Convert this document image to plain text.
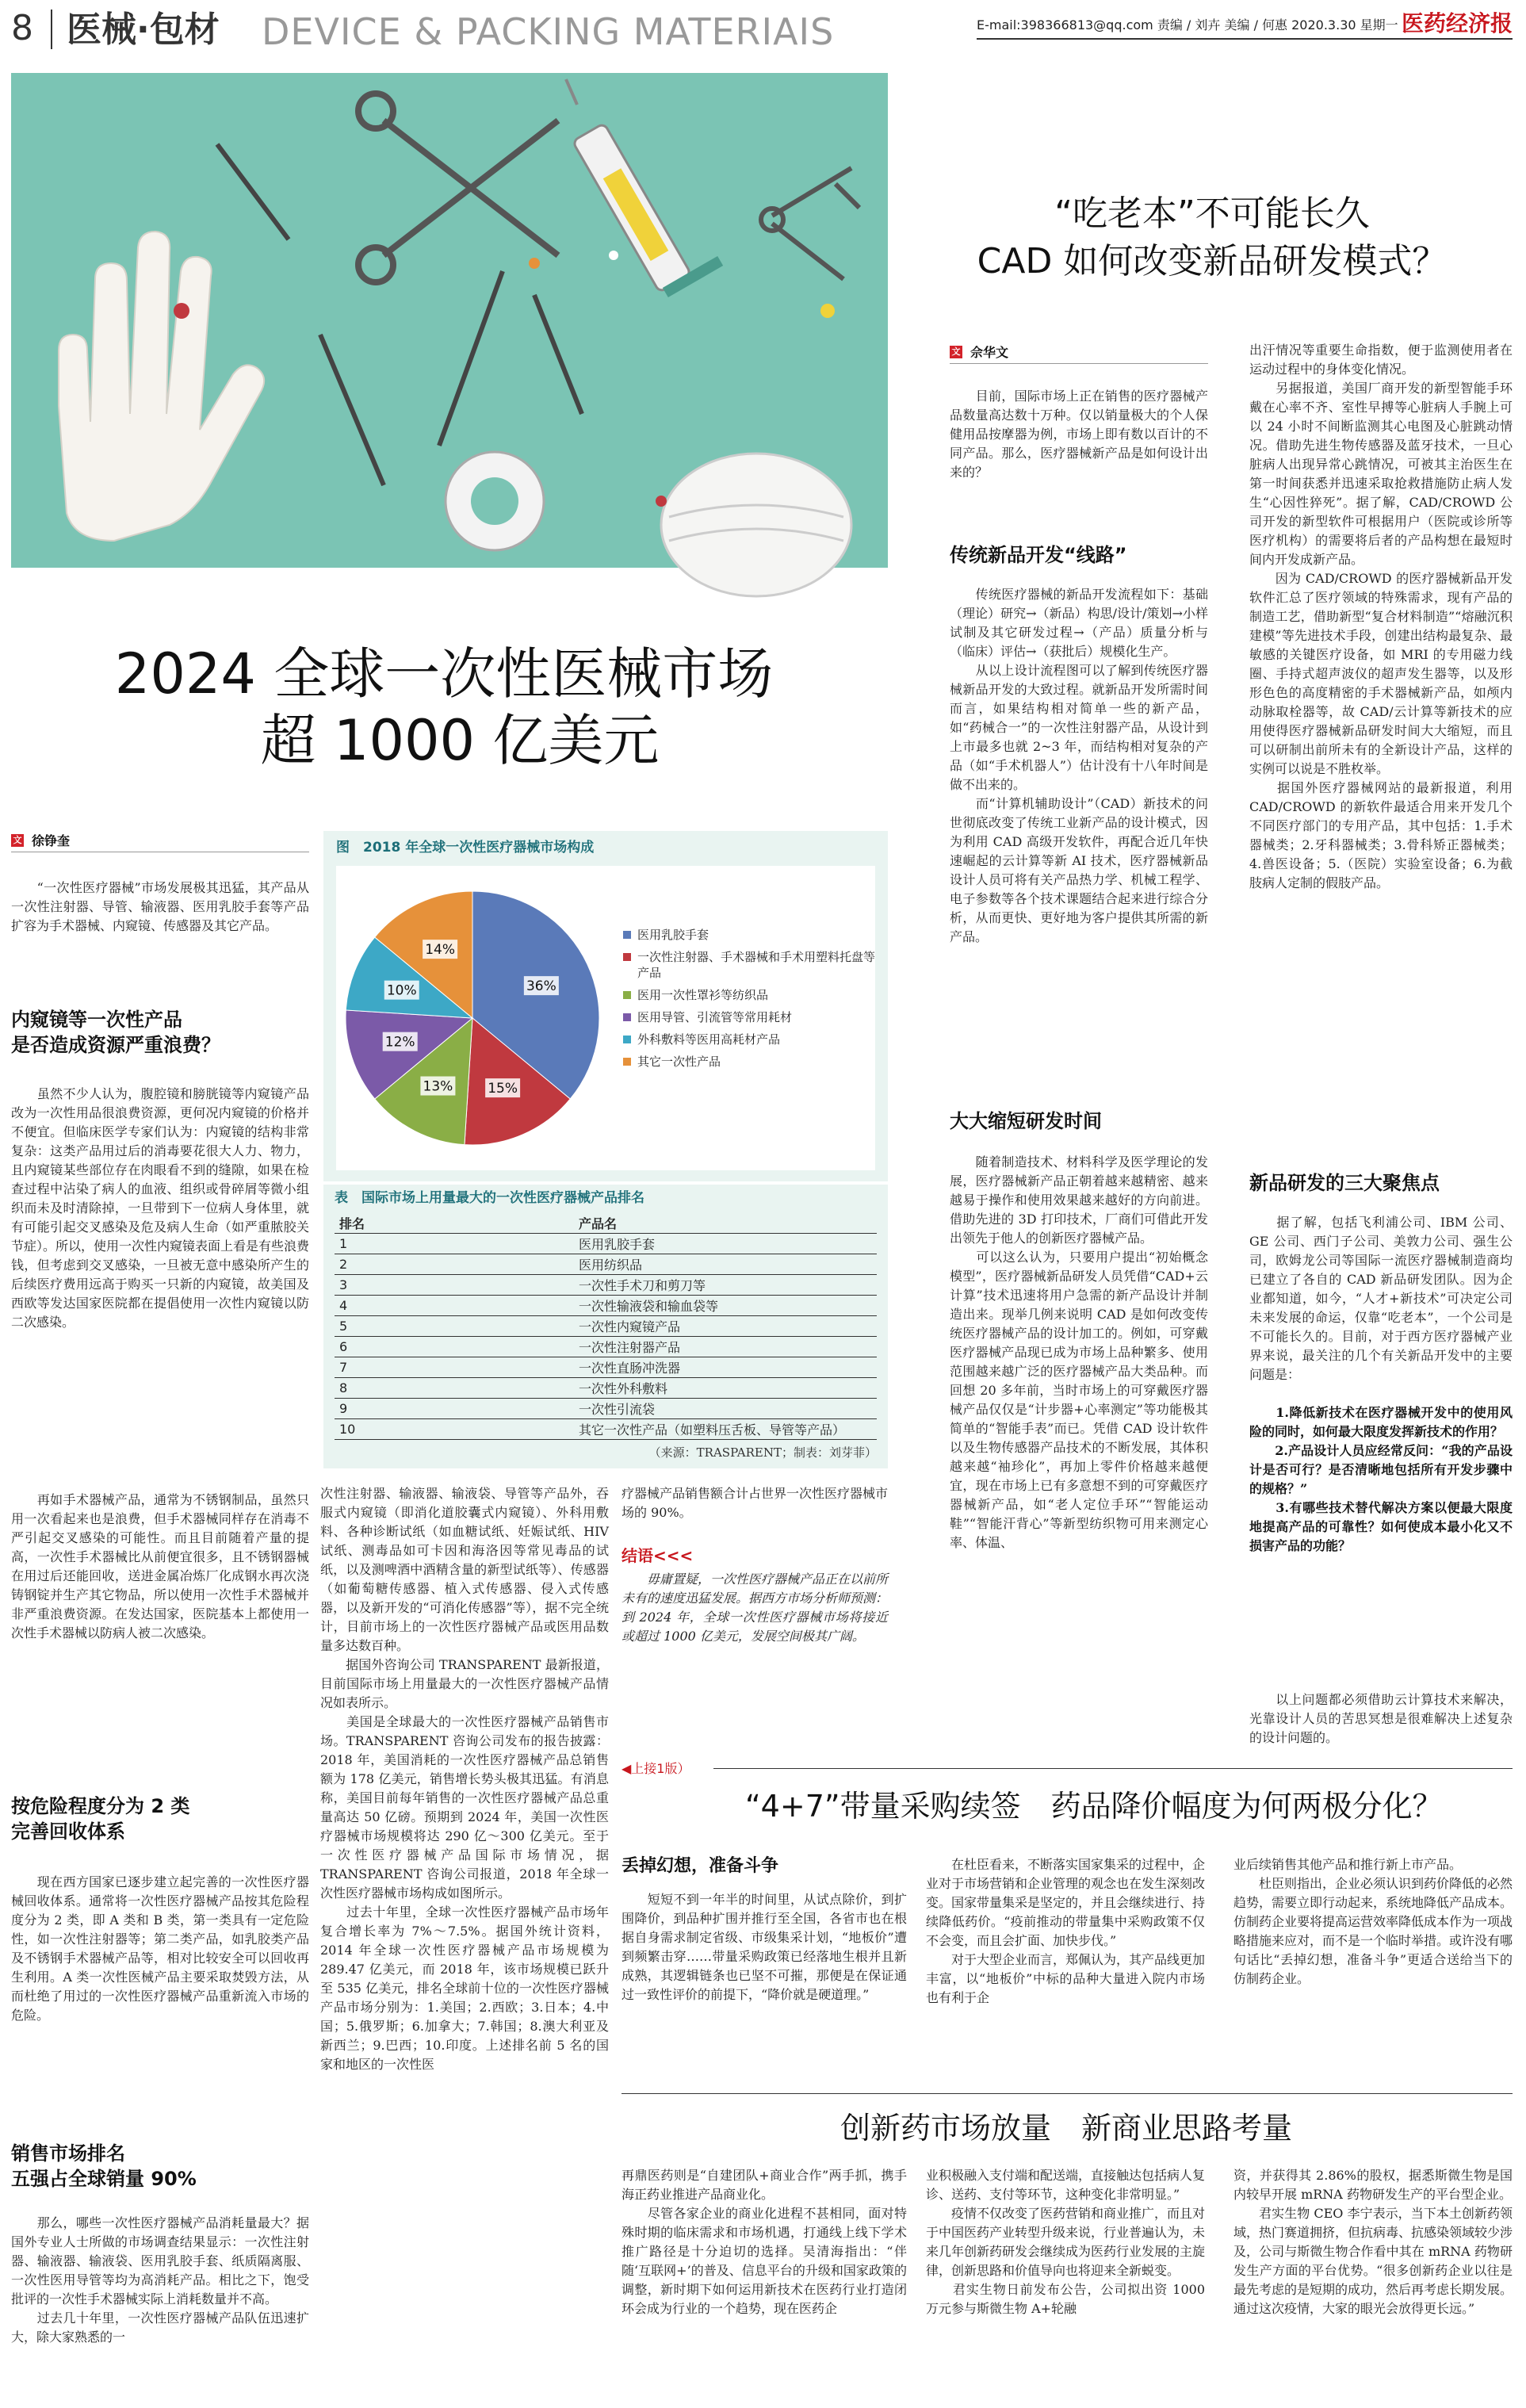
8 医械·包材 DEVICE & PACKING MATERIAIS	E-mail:398366813@qq.com 责编 / 刘卉 美编 / 何惠 2020.3.30 星期一 医药经济报
2024 全球一次性医械市场
超 1000 亿美元
文 徐铮奎
　　“一次性医疗器械”市场发展极其迅猛，其产品从一次性注射器、导管、输液器、医用乳胶手套等产品扩容为手术器械、内窥镜、传感器及其它产品。
内窥镜等一次性产品
是否造成资源严重浪费？
　　虽然不少人认为，腹腔镜和膀胱镜等内窥镜产品改为一次性用品很浪费资源，更何况内窥镜的价格并不便宜。但临床医学专家们认为：内窥镜的结构非常复杂：这类产品用过后的消毒要花很大人力、物力，且内窥镜某些部位存在肉眼看不到的缝隙，如果在检查过程中沾染了病人的血液、组织或骨碎屑等微小组织而未及时清除掉，一旦带到下一位病人身体里，就有可能引起交叉感染及危及病人生命（如严重脓胶关节症）。所以，使用一次性内窥镜表面上看是有些浪费钱，但考虑到交叉感染，一旦被无意中感染所产生的后续医疗费用远高于购买一只新的内窥镜，故美国及西欧等发达国家医院都在提倡使用一次性内窥镜以防二次感染。
　　再如手术器械产品，通常为不锈钢制品，虽然只用一次看起来也是浪费，但手术器械同样存在消毒不严引起交叉感染的可能性。而且目前随着产量的提高，一次性手术器械比从前便宜很多，且不锈钢器械在用过后还能回收，送进金属冶炼厂化成钢水再次浇铸钢锭并生产其它物品，所以使用一次性手术器械并非严重浪费资源。在发达国家，医院基本上都使用一次性手术器械以防病人被二次感染。
按危险程度分为 2 类
完善回收体系
　　现在西方国家已逐步建立起完善的一次性医疗器械回收体系。通常将一次性医疗器械产品按其危险程度分为 2 类，即 A 类和 B 类，第一类具有一定危险性，如一次性注射器等；第二类产品，如乳胶类产品及不锈钢手术器械产品等，相对比较安全可以回收再生利用。A 类一次性医械产品主要采取焚毁方法，从而杜绝了用过的一次性医疗器械产品重新流入市场的危险。
销售市场排名
五强占全球销量 90%
　　那么，哪些一次性医疗器械产品消耗量最大？据国外专业人士所做的市场调查结果显示：一次性注射器、输液器、输液袋、医用乳胶手套、纸质隔离服、一次性医用导管等均为高消耗产品。相比之下，饱受批评的一次性手术器械实际上消耗数量并不高。
　　过去几十年里，一次性医疗器械产品队伍迅速扩大，除大家熟悉的一
图　2018 年全球一次性医疗器械市场构成
36%
15%
13%
12%
10%
14%
医用乳胶手套
一次性注射器、手术器械和手术用塑料托盘等
产品
医用一次性罩衫等纺织品
医用导管、引流管等常用耗材
外科敷料等医用高耗材产品
其它一次性产品
表　国际市场上用量最大的一次性医疗器械产品排名
排名	产品名
1	医用乳胶手套
2	医用纺织品
3	一次性手术刀和剪刀等
4	一次性输液袋和输血袋等
5	一次性内窥镜产品
6	一次性注射器产品
7	一次性直肠冲洗器
8	一次性外科敷料
9	一次性引流袋
10	其它一次性产品（如塑料压舌板、导管等产品）
（来源：TRASPARENT；制表：刘芽菲）
次性注射器、输液器、输液袋、导管等产品外，吞服式内窥镜（即消化道胶囊式内窥镜）、外科用敷料、各种诊断试纸（如血糖试纸、妊娠试纸、HIV 试纸、测毒品如可卡因和海洛因等常见毒品的试纸，以及测啤酒中酒精含量的新型试纸等）、传感器（如葡萄糖传感器、植入式传感器、侵入式传感器，以及新开发的“可消化传感器”等），据不完全统计，目前市场上的一次性医疗器械产品或医用品数量多达数百种。
　　据国外咨询公司 TRANSPARENT 最新报道，目前国际市场上用量最大的一次性医疗器械产品情况如表所示。
　　美国是全球最大的一次性医疗器械产品销售市场。TRANSPARENT 咨询公司发布的报告披露：2018 年，美国消耗的一次性医疗器械产品总销售额为 178 亿美元，销售增长势头极其迅猛。有消息称，美国目前每年销售的一次性医疗器械产品总重量高达 50 亿磅。预期到 2024 年，美国一次性医疗器械市场规模将达 290 亿～300 亿美元。至于一次性医疗器械产品国际市场情况，据 TRANSPARENT 咨询公司报道，2018 年全球一次性医疗器械市场构成如图所示。
　　过去十年里，全球一次性医疗器械产品市场年复合增长率为 7%～7.5%。据国外统计资料，2014 年全球一次性医疗器械产品市场规模为 289.47 亿美元，而 2018 年，该市场规模已跃升至 535 亿美元，排名全球前十位的一次性医疗器械产品市场分别为：1.美国；2.西欧；3.日本；4.中国；5.俄罗斯；6.加拿大；7.韩国；8.澳大利亚及新西兰；9.巴西；10.印度。上述排名前 5 名的国家和地区的一次性医
疗器械产品销售额合计占世界一次性医疗器械市场的 90%。
结语<<<
　　毋庸置疑，一次性医疗器械产品正在以前所未有的速度迅猛发展。据西方市场分析师预测：到 2024 年，全球一次性医疗器械市场将接近或超过 1000 亿美元，发展空间极其广阔。
“吃老本”不可能长久
CAD 如何改变新品研发模式？
文 佘华文
　　目前，国际市场上正在销售的医疗器械产品数量高达数十万种。仅以销量极大的个人保健用品按摩器为例，市场上即有数以百计的不同产品。那么，医疗器械新产品是如何设计出来的？
传统新品开发“线路”
　　传统医疗器械的新品开发流程如下：基础（理论）研究→（新品）构思/设计/策划→小样试制及其它研发过程→（产品）质量分析与（临床）评估→（获批后）规模化生产。
　　从以上设计流程图可以了解到传统医疗器械新品开发的大致过程。就新品开发所需时间而言，如果结构相对简单一些的新产品，如“药械合一”的一次性注射器产品，从设计到上市最多也就 2~3 年，而结构相对复杂的产品（如“手术机器人”）估计没有十八年时间是做不出来的。
　　而“计算机辅助设计”（CAD）新技术的问世彻底改变了传统工业新产品的设计模式，因为利用 CAD 高级开发软件，再配合近几年快速崛起的云计算等新 AI 技术，医疗器械新品设计人员可将有关产品热力学、机械工程学、电子参数等各个技术课题结合起来进行综合分析，从而更快、更好地为客户提供其所需的新产品。
大大缩短研发时间
　　随着制造技术、材料科学及医学理论的发展，医疗器械新产品正朝着越来越精密、越来越易于操作和使用效果越来越好的方向前进。借助先进的 3D 打印技术，厂商们可借此开发出领先于他人的创新医疗器械产品。
　　可以这么认为，只要用户提出“初始概念模型”，医疗器械新品研发人员凭借“CAD+云计算”技术迅速将用户急需的新产品设计并制造出来。现举几例来说明 CAD 是如何改变传统医疗器械产品的设计加工的。例如，可穿戴医疗器械产品现已成为市场上品种繁多、使用范围越来越广泛的医疗器械产品大类品种。而回想 20 多年前，当时市场上的可穿戴医疗器械产品仅仅是“计步器+心率测定”等功能极其简单的“智能手表”而已。凭借 CAD 设计软件以及生物传感器产品技术的不断发展，其体积越来越“袖珍化”，再加上零件价格越来越便宜，现在市场上已有多意想不到的可穿戴医疗器械新产品，如“老人定位手环”“智能运动鞋”“智能汗背心”等新型纺织物可用来测定心率、体温、
出汗情况等重要生命指数，便于监测使用者在运动过程中的身体变化情况。
　　另据报道，美国厂商开发的新型智能手环戴在心率不齐、室性早搏等心脏病人手腕上可以 24 小时不间断监测其心电图及心脏跳动情况。借助先进生物传感器及蓝牙技术，一旦心脏病人出现异常心跳情况，可被其主治医生在第一时间获悉并迅速采取抢救措施防止病人发生“心因性猝死”。据了解，CAD/CROWD 公司开发的新型软件可根据用户（医院或诊所等医疗机构）的需要将后者的产品构想在最短时间内开发成新产品。
　　因为 CAD/CROWD 的医疗器械新品开发软件汇总了医疗领域的特殊需求，现有产品的制造工艺，借助新型“复合材料制造”“熔融沉积建模”等先进技术手段，创建出结构最复杂、最敏感的关键医疗设备，如 MRI 的专用磁力线圈、手持式超声波仪的超声发生器等，以及形形色色的高度精密的手术器械新产品，如颅内动脉取栓器等，故 CAD/云计算等新技术的应用使得医疗器械新品研发时间大大缩短，而且可以研制出前所未有的全新设计产品，这样的实例可以说是不胜枚举。
　　据国外医疗器械网站的最新报道，利用 CAD/CROWD 的新软件最适合用来开发几个不同医疗部门的专用产品，其中包括：1.手术器械类；2.牙科器械类；3.骨科矫正器械类；4.兽医设备；5.（医院）实验室设备；6.为截肢病人定制的假肢产品。
新品研发的三大聚焦点
　　据了解，包括飞利浦公司、IBM 公司、GE 公司、西门子公司、美敦力公司、强生公司，欧姆龙公司等国际一流医疗器械制造商均已建立了各自的 CAD 新品研发团队。因为企业都知道，如今，“人才+新技术”可决定公司未来发展的命运，仅靠“吃老本”，一个公司是不可能长久的。目前，对于西方医疗器械产业界来说，最关注的几个有关新品开发中的主要问题是：
　　1.降低新技术在医疗器械开发中的使用风险的同时，如何最大限度发挥新技术的作用？
　　2.产品设计人员应经常反问：“我的产品设计是否可行？是否清晰地包括所有开发步骤中的规格？”
　　3.有哪些技术替代解决方案以便最大限度地提高产品的可靠性？如何使成本最小化又不损害产品的功能？
　　以上问题都必须借助云计算技术来解决，光靠设计人员的苦思冥想是很难解决上述复杂的设计问题的。
◀上接1版）
“4+7”带量采购续签　药品降价幅度为何两极分化？
丢掉幻想，准备斗争
　　短短不到一年半的时间里，从试点除价，到扩围降价，到品种扩围并推行至全国，各省市也在根据自身需求制定省级、市级集采计划，“地板价”遭到频繁击穿……带量采购政策已经落地生根并且新成熟，其逻辑链条也已坚不可摧，那便是在保证通过一致性评价的前提下，“降价就是硬道理。”
　　在杜臣看来，不断落实国家集采的过程中，企业对于市场营销和企业管理的观念也在发生深刻改变。国家带量集采是坚定的，并且会继续进行、持续降低药价。“疫前推动的带量集中采购政策不仅不会变，而且会扩面、加快步伐。”
　　对于大型企业而言，郑佩认为，其产品线更加丰富，以“地板价”中标的品种大量进入院内市场也有利于企
业后续销售其他产品和推行新上市产品。
　　杜臣则指出，企业必须认识到药价降低的必然趋势，需要立即行动起来，系统地降低产品成本。仿制药企业要将提高运营效率降低成本作为一项战略措施来应对，而不是一个临时举措。或许没有哪句话比“丢掉幻想，准备斗争”更适合送给当下的仿制药企业。
创新药市场放量　新商业思路考量
再鼎医药则是“自建团队+商业合作”两手抓，携手海正药业推进产品商业化。
　　尽管各家企业的商业化进程不甚相同，面对特殊时期的临床需求和市场机遇，打通线上线下学术推广路径是十分迫切的选择。吴清海指出：“伴随‘互联网+’的普及、信息平台的升级和国家政策的调整，新时期下如何运用新技术在医药行业打造闭环会成为行业的一个趋势，现在医药企
业积极融入支付端和配送端，直接触达包括病人复诊、送药、支付等环节，这种变化非常明显。”
　　疫情不仅改变了医药营销和商业推广，而且对于中国医药产业转型升级来说，行业普遍认为，未来几年创新药研发会继续成为医药行业发展的主旋律，创新思路和价值导向也将迎来全新蜕变。
　　君实生物日前发布公告，公司拟出资 1000 万元参与斯微生物 A+轮融
资，并获得其 2.86%的股权，据悉斯微生物是国内较早开展 mRNA 药物研发生产的平台型企业。
　　君实生物 CEO 李宁表示，当下本土创新药领域，热门赛道拥挤，但抗病毒、抗感染领域较少涉及，公司与斯微生物合作看中其在 mRNA 药物研发生产方面的平台优势。“很多创新药企业以往是最先考虑的是短期的成功，然后再考虑长期发展。通过这次疫情，大家的眼光会放得更长远。”
